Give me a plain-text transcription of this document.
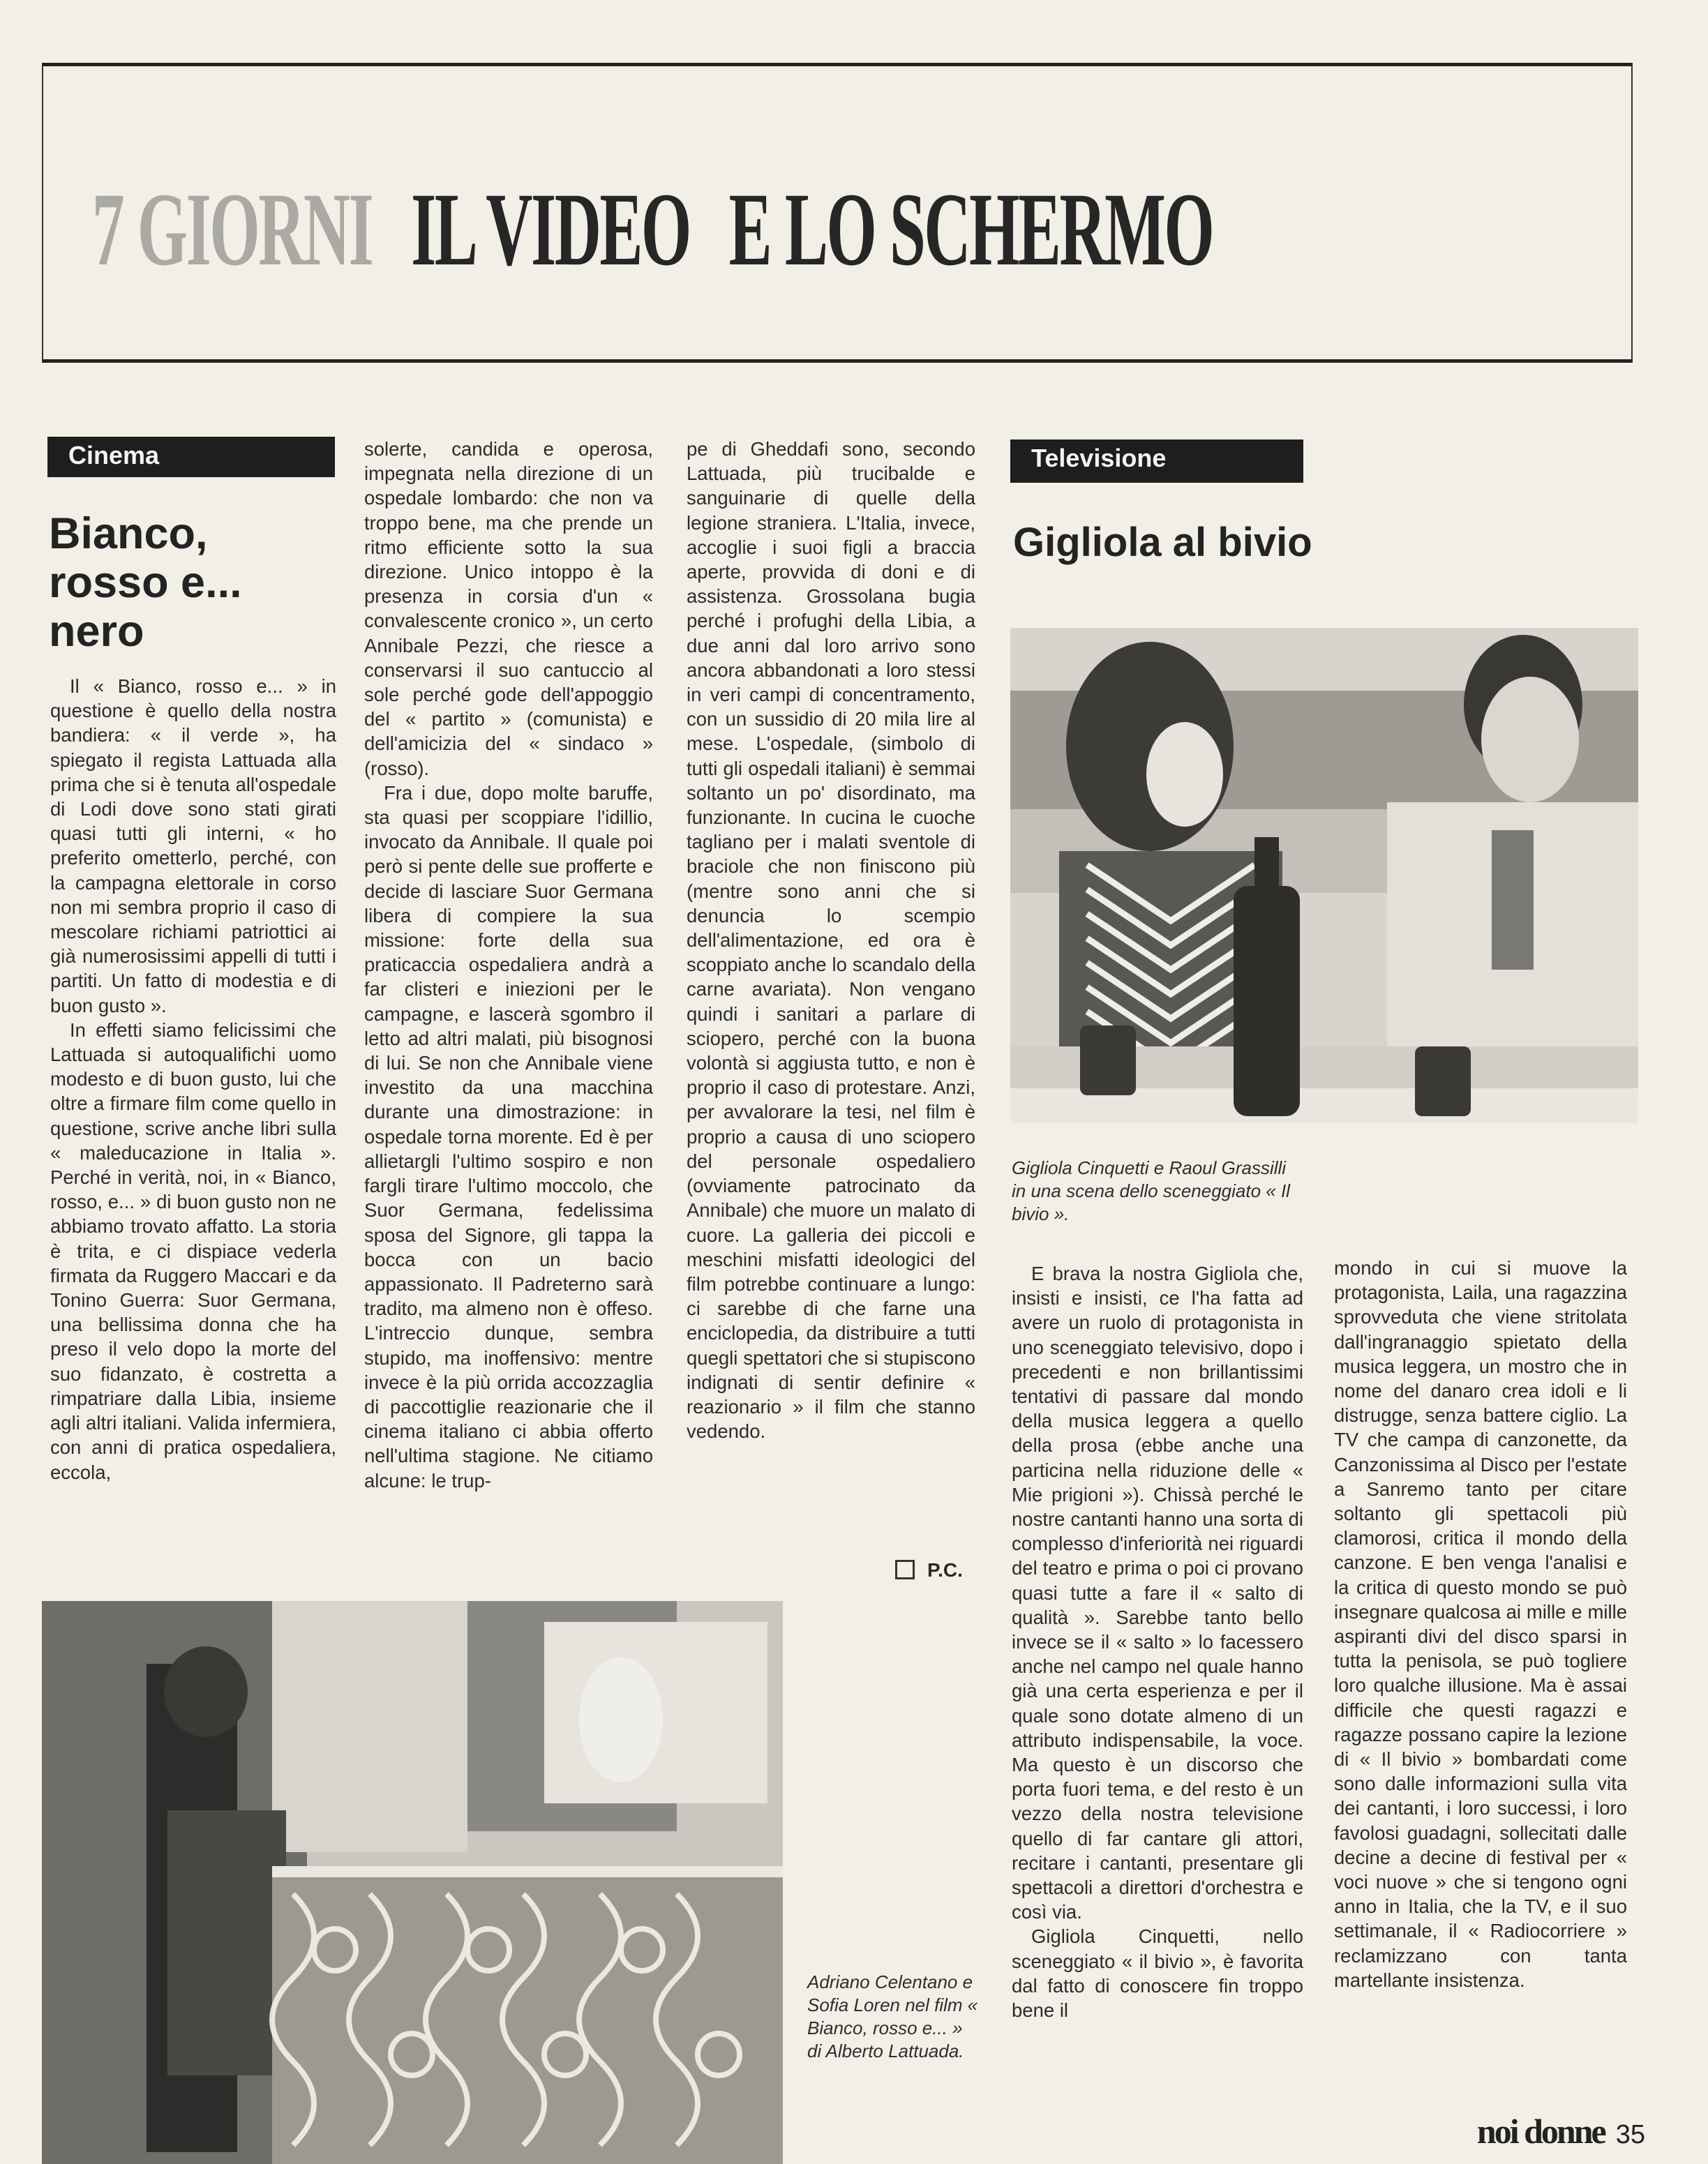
7 GIORNI IL VIDEO E LO SCHERMO
Cinema
Bianco,
rosso e...
nero

Il « Bianco, rosso e... » in questione è quello della nostra bandiera: « il verde », ha spiegato il regista Lattuada alla prima che si è tenuta all'ospedale di Lodi dove sono stati girati quasi tutti gli interni, « ho preferito ometterlo, perché, con la campagna elettorale in corso non mi sembra proprio il caso di mescolare richiami patriottici ai già numerosissimi appelli di tutti i partiti. Un fatto di modestia e di buon gusto ».

In effetti siamo felicissimi che Lattuada si autoqualifichi uomo modesto e di buon gusto, lui che oltre a firmare film come quello in questione, scrive anche libri sulla « maleducazione in Italia ». Perché in verità, noi, in « Bianco, rosso, e... » di buon gusto non ne abbiamo trovato affatto. La storia è trita, e ci dispiace vederla firmata da Ruggero Maccari e da Tonino Guerra: Suor Germana, una bellissima donna che ha preso il velo dopo la morte del suo fidanzato, è costretta a rimpatriare dalla Libia, insieme agli altri italiani. Valida infermiera, con anni di pratica ospedaliera, eccola,

solerte, candida e operosa, impegnata nella direzione di un ospedale lombardo: che non va troppo bene, ma che prende un ritmo efficiente sotto la sua direzione. Unico intoppo è la presenza in corsia d'un « convalescente cronico », un certo Annibale Pezzi, che riesce a conservarsi il suo cantuccio al sole perché gode dell'appoggio del « partito » (comunista) e dell'amicizia del « sindaco » (rosso).

Fra i due, dopo molte baruffe, sta quasi per scoppiare l'idillio, invocato da Annibale. Il quale poi però si pente delle sue profferte e decide di lasciare Suor Germana libera di compiere la sua missione: forte della sua praticaccia ospedaliera andrà a far clisteri e iniezioni per le campagne, e lascerà sgombro il letto ad altri malati, più bisognosi di lui. Se non che Annibale viene investito da una macchina durante una dimostrazione: in ospedale torna morente. Ed è per allietargli l'ultimo sospiro e non fargli tirare l'ultimo moccolo, che Suor Germana, fedelissima sposa del Signore, gli tappa la bocca con un bacio appassionato. Il Padreterno sarà tradito, ma almeno non è offeso. L'intreccio dunque, sembra stupido, ma inoffensivo: mentre invece è la più orrida accozzaglia di paccottiglie reazionarie che il cinema italiano ci abbia offerto nell'ultima stagione. Ne citiamo alcune: le trup-

pe di Gheddafi sono, secondo Lattuada, più trucibalde e sanguinarie di quelle della legione straniera. L'Italia, invece, accoglie i suoi figli a braccia aperte, provvida di doni e di assistenza. Grossolana bugia perché i profughi della Libia, a due anni dal loro arrivo sono ancora abbandonati a loro stessi in veri campi di concentramento, con un sussidio di 20 mila lire al mese. L'ospedale, (simbolo di tutti gli ospedali italiani) è semmai soltanto un po' disordinato, ma funzionante. In cucina le cuoche tagliano per i malati sventole di braciole che non finiscono più (mentre sono anni che si denuncia lo scempio dell'alimentazione, ed ora è scoppiato anche lo scandalo della carne avariata). Non vengano quindi i sanitari a parlare di sciopero, perché con la buona volontà si aggiusta tutto, e non è proprio il caso di protestare. Anzi, per avvalorare la tesi, nel film è proprio a causa di uno sciopero del personale ospedaliero (ovviamente patrocinato da Annibale) che muore un malato di cuore. La galleria dei piccoli e meschini misfatti ideologici del film potrebbe continuare a lungo: ci sarebbe di che farne una enciclopedia, da distribuire a tutti quegli spettatori che si stupiscono indignati di sentir definire « reazionario » il film che stanno vedendo.

P.C.
Adriano Celentano e Sofia Loren nel film « Bianco, rosso e... » di Alberto Lattuada.
Televisione
Gigliola al bivio
Gigliola Cinquetti e Raoul Grassilli in una scena dello sceneggiato « Il bivio ».

E brava la nostra Gigliola che, insisti e insisti, ce l'ha fatta ad avere un ruolo di protagonista in uno sceneggiato televisivo, dopo i precedenti e non brillantissimi tentativi di passare dal mondo della musica leggera a quello della prosa (ebbe anche una particina nella riduzione delle « Mie prigioni »). Chissà perché le nostre cantanti hanno una sorta di complesso d'inferiorità nei riguardi del teatro e prima o poi ci provano quasi tutte a fare il « salto di qualità ». Sarebbe tanto bello invece se il « salto » lo facessero anche nel campo nel quale hanno già una certa esperienza e per il quale sono dotate almeno di un attributo indispensabile, la voce. Ma questo è un discorso che porta fuori tema, e del resto è un vezzo della nostra televisione quello di far cantare gli attori, recitare i cantanti, presentare gli spettacoli a direttori d'orchestra e così via.

Gigliola Cinquetti, nello sceneggiato « il bivio », è favorita dal fatto di conoscere fin troppo bene il

mondo in cui si muove la protagonista, Laila, una ragazzina sprovveduta che viene stritolata dall'ingranaggio spietato della musica leggera, un mostro che in nome del danaro crea idoli e li distrugge, senza battere ciglio. La TV che campa di canzonette, da Canzonissima al Disco per l'estate a Sanremo tanto per citare soltanto gli spettacoli più clamorosi, critica il mondo della canzone. E ben venga l'analisi e la critica di questo mondo se può insegnare qualcosa ai mille e mille aspiranti divi del disco sparsi in tutta la penisola, se può togliere loro qualche illusione. Ma è assai difficile che questi ragazzi e ragazze possano capire la lezione di « Il bivio » bombardati come sono dalle informazioni sulla vita dei cantanti, i loro successi, i loro favolosi guadagni, sollecitati dalle decine a decine di festival per « voci nuove » che si tengono ogni anno in Italia, che la TV, e il suo settimanale, il « Radiocorriere » reclamizzano con tanta martellante insistenza.

noi donne 35
